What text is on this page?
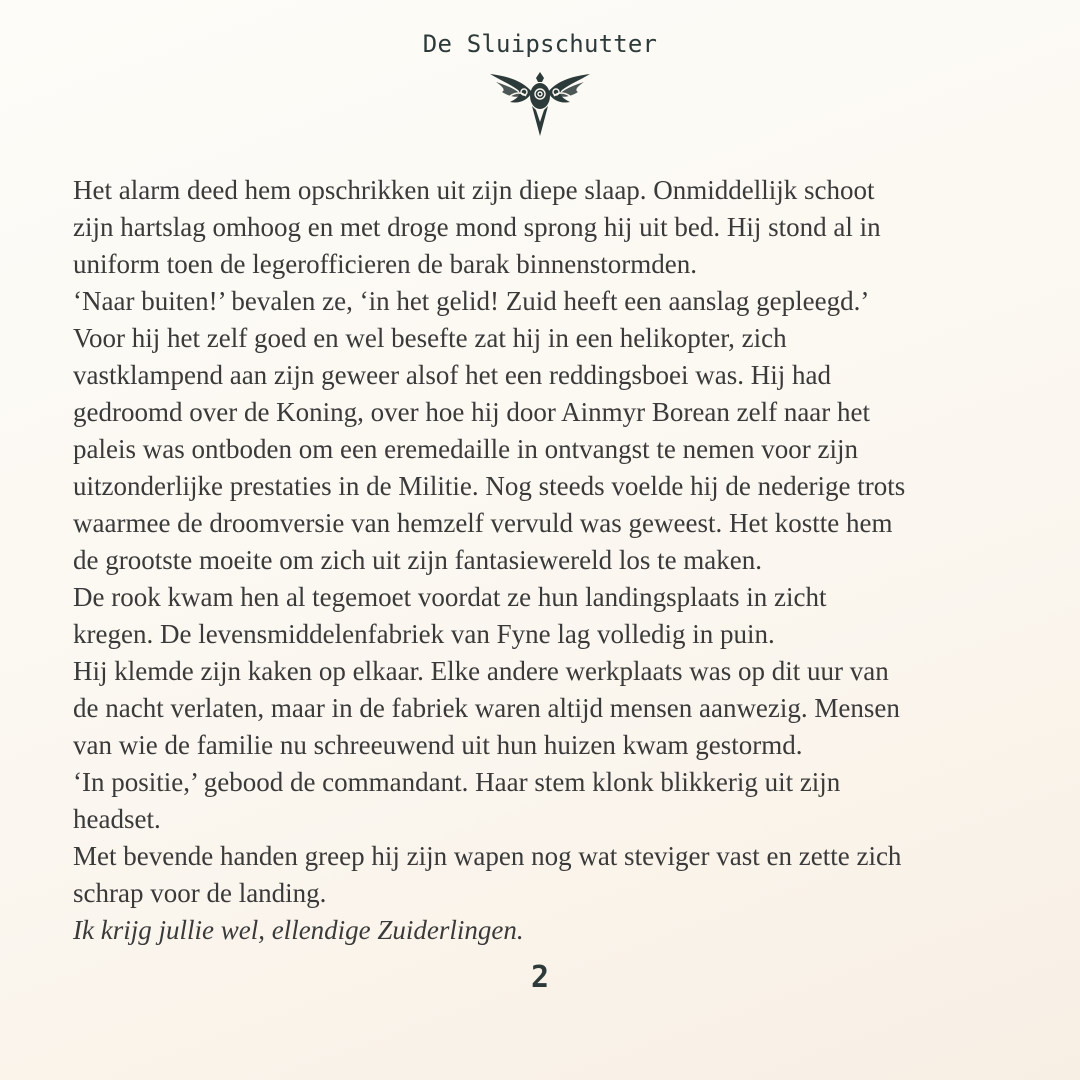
De Sluipschutter

Het alarm deed hem opschrikken uit zijn diepe slaap. Onmiddellijk schoot

zijn hartslag omhoog en met droge mond sprong hij uit bed. Hij stond al in

uniform toen de legerofficieren de barak binnenstormden.

‘Naar buiten!’ bevalen ze, ‘in het gelid! Zuid heeft een aanslag gepleegd.’

Voor hij het zelf goed en wel besefte zat hij in een helikopter, zich

vastklampend aan zijn geweer alsof het een reddingsboei was. Hij had

gedroomd over de Koning, over hoe hij door Ainmyr Borean zelf naar het

paleis was ontboden om een eremedaille in ontvangst te nemen voor zijn

uitzonderlijke prestaties in de Militie. Nog steeds voelde hij de nederige trots

waarmee de droomversie van hemzelf vervuld was geweest. Het kostte hem

de grootste moeite om zich uit zijn fantasiewereld los te maken.

De rook kwam hen al tegemoet voordat ze hun landingsplaats in zicht

kregen. De levensmiddelenfabriek van Fyne lag volledig in puin.

Hij klemde zijn kaken op elkaar. Elke andere werkplaats was op dit uur van

de nacht verlaten, maar in de fabriek waren altijd mensen aanwezig. Mensen

van wie de familie nu schreeuwend uit hun huizen kwam gestormd.

‘In positie,’ gebood de commandant. Haar stem klonk blikkerig uit zijn

headset.

Met bevende handen greep hij zijn wapen nog wat steviger vast en zette zich

schrap voor de landing.

Ik krijg jullie wel, ellendige Zuiderlingen.

2
